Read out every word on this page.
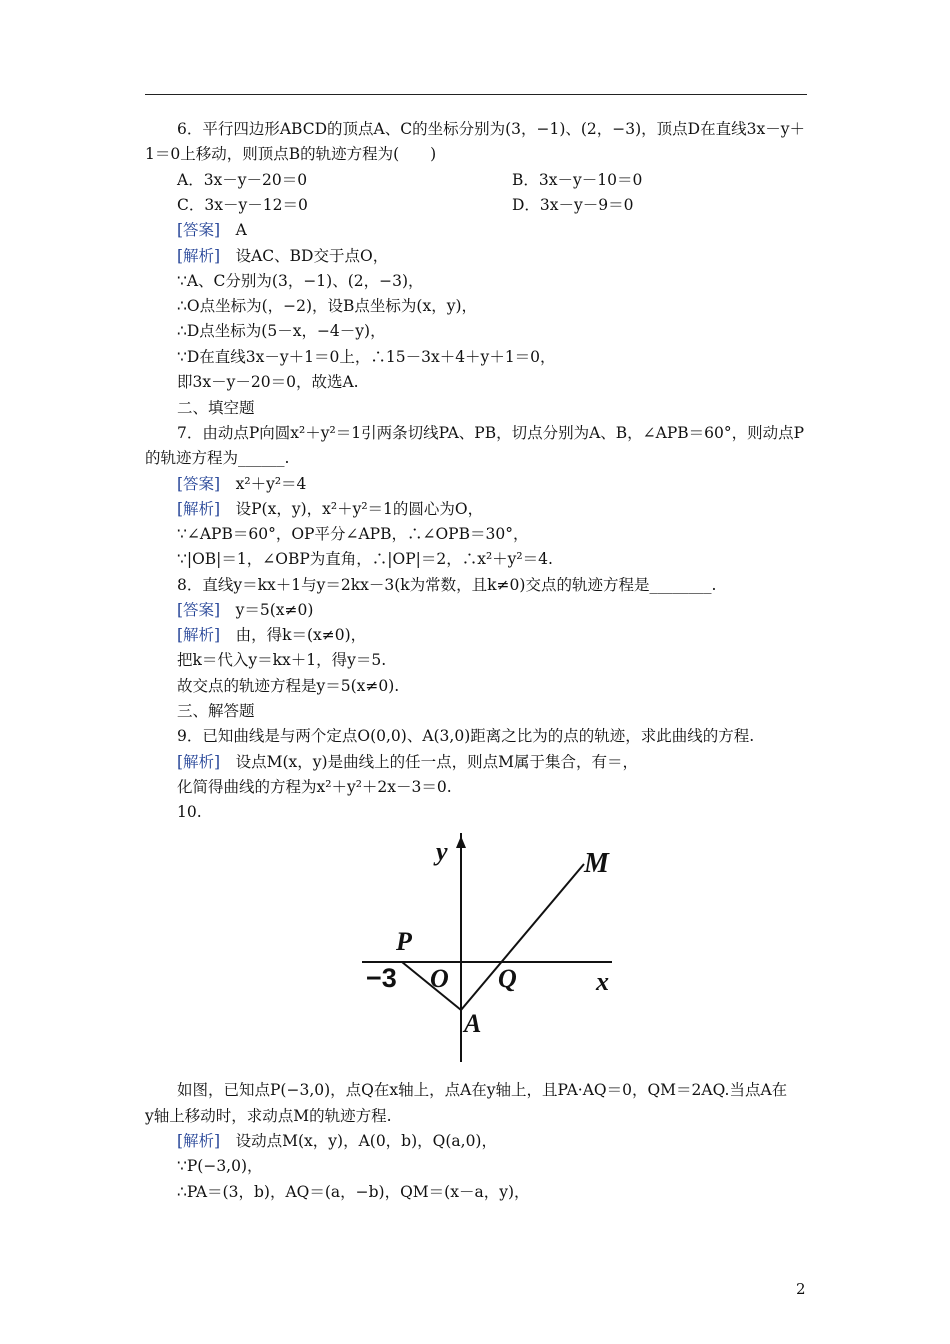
6．平行四边形ABCD的顶点A、C的坐标分别为(3，−1)、(2，−3)，顶点D在直线3x－y＋
1＝0上移动，则顶点B的轨迹方程为(　　)
A．3x－y－20＝0	B．3x－y－10＝0
C．3x－y－12＝0	D．3x－y－9＝0
[答案]　A
[解析]　设AC、BD交于点O，
∵A、C分别为(3，−1)、(2，−3)，
∴O点坐标为(，−2)，设B点坐标为(x，y)，
∴D点坐标为(5－x，−4－y)，
∵D在直线3x－y＋1＝0上，∴15－3x＋4＋y＋1＝0，
即3x－y－20＝0，故选A.
二、填空题
7．由动点P向圆x²＋y²＝1引两条切线PA、PB，切点分别为A、B，∠APB＝60°，则动点P
的轨迹方程为______.
[答案]　x²＋y²＝4
[解析]　设P(x，y)，x²＋y²＝1的圆心为O，
∵∠APB＝60°，OP平分∠APB，∴∠OPB＝30°，
∵|OB|＝1，∠OBP为直角，∴|OP|＝2，∴x²＋y²＝4.
8．直线y＝kx＋1与y＝2kx－3(k为常数，且k≠0)交点的轨迹方程是________.
[答案]　y＝5(x≠0)
[解析]　由，得k＝(x≠0)，
把k＝代入y＝kx＋1，得y＝5.
故交点的轨迹方程是y＝5(x≠0).
三、解答题
9．已知曲线是与两个定点O(0,0)、A(3,0)距离之比为的点的轨迹，求此曲线的方程.
[解析]　设点M(x，y)是曲线上的任一点，则点M属于集合，有＝，
化简得曲线的方程为x²＋y²＋2x－3＝0.
10.
y
x
M
P
O Q
A
−3
如图，已知点P(−3,0)，点Q在x轴上，点A在y轴上，且PA·AQ＝0，QM＝2AQ.当点A在
y轴上移动时，求动点M的轨迹方程.
[解析]　设动点M(x，y)，A(0，b)，Q(a,0)，
∵P(−3,0)，
∴PA＝(3，b)，AQ＝(a，−b)，QM＝(x－a，y)，
2
